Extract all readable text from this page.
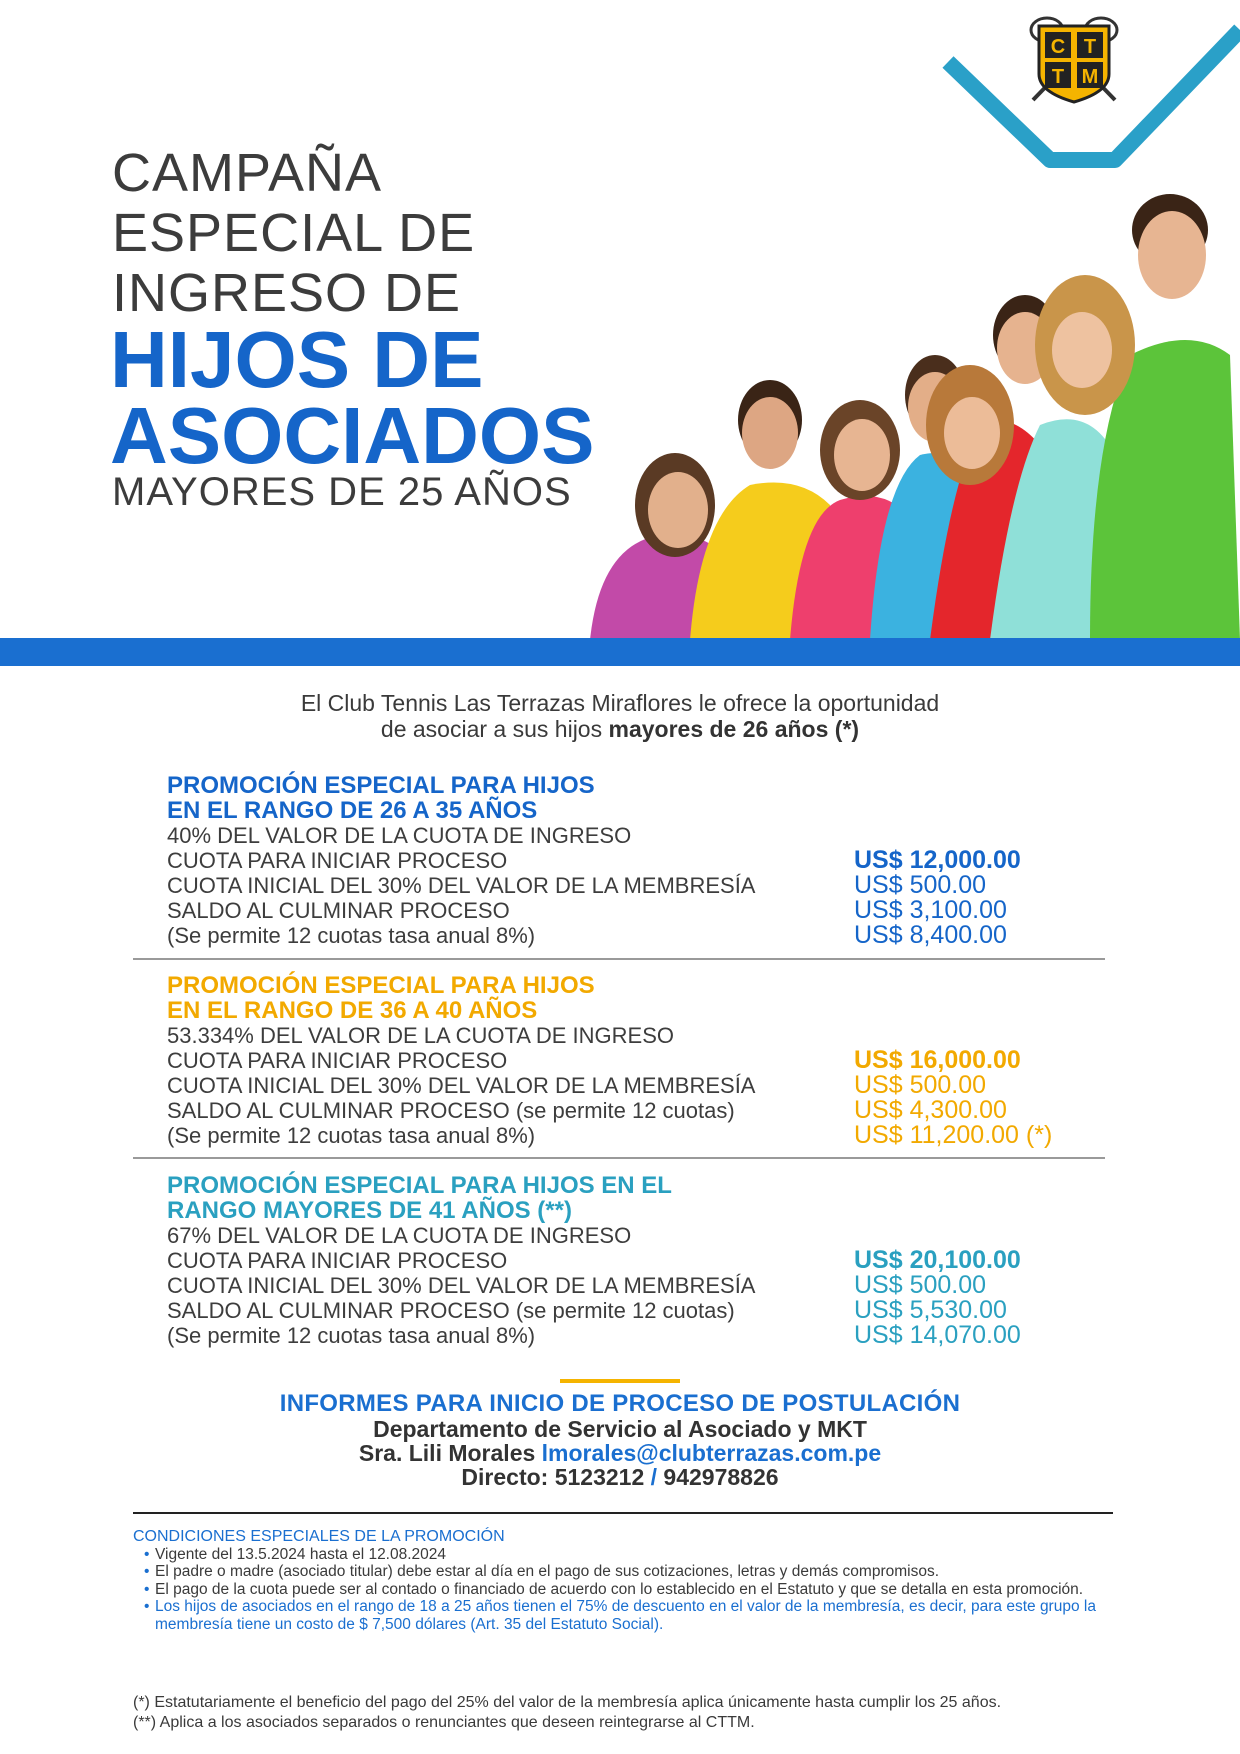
C T
T M
CAMPAÑA
ESPECIAL DE
INGRESO DE
HIJOS DE
ASOCIADOS
MAYORES DE 25 AÑOS
El Club Tennis Las Terrazas Miraflores le ofrece la oportunidad
de asociar a sus hijos mayores de 26 años (*)
PROMOCIÓN ESPECIAL PARA HIJOS
EN EL RANGO DE 26 A 35 AÑOS
40% DEL VALOR DE LA CUOTA DE INGRESO
CUOTA PARA INICIAR PROCESO
CUOTA INICIAL DEL 30% DEL VALOR DE LA MEMBRESÍA
SALDO AL CULMINAR PROCESO
(Se permite 12 cuotas tasa anual 8%)
US$ 12,000.00
US$ 500.00
US$ 3,100.00
US$ 8,400.00
PROMOCIÓN ESPECIAL PARA HIJOS
EN EL RANGO DE 36 A 40 AÑOS
53.334% DEL VALOR DE LA CUOTA DE INGRESO
CUOTA PARA INICIAR PROCESO
CUOTA INICIAL DEL 30% DEL VALOR DE LA MEMBRESÍA
SALDO AL CULMINAR PROCESO (se permite 12 cuotas)
(Se permite 12 cuotas tasa anual 8%)
US$ 16,000.00
US$ 500.00
US$ 4,300.00
US$ 11,200.00 (*)
PROMOCIÓN ESPECIAL PARA HIJOS EN EL
RANGO MAYORES DE 41 AÑOS (**)
67% DEL VALOR DE LA CUOTA DE INGRESO
CUOTA PARA INICIAR PROCESO
CUOTA INICIAL DEL 30% DEL VALOR DE LA MEMBRESÍA
SALDO AL CULMINAR PROCESO (se permite 12 cuotas)
(Se permite 12 cuotas tasa anual 8%)
US$ 20,100.00
US$ 500.00
US$ 5,530.00
US$ 14,070.00
INFORMES PARA INICIO DE PROCESO DE POSTULACIÓN
Departamento de Servicio al Asociado y MKT
Sra. Lili Morales lmorales@clubterrazas.com.pe
Directo: 5123212 / 942978826
CONDICIONES ESPECIALES DE LA PROMOCIÓN
• Vigente del 13.5.2024 hasta el 12.08.2024
• El padre o madre (asociado titular) debe estar al día en el pago de sus cotizaciones, letras y demás compromisos.
• El pago de la cuota puede ser al contado o financiado de acuerdo con lo establecido en el Estatuto y que se detalla en esta promoción.
• Los hijos de asociados en el rango de 18 a 25 años tienen el 75% de descuento en el valor de la membresía, es decir, para este grupo la membresía tiene un costo de $ 7,500 dólares (Art. 35 del Estatuto Social).
(*) Estatutariamente el beneficio del pago del 25% del valor de la membresía aplica únicamente hasta cumplir los 25 años.
(**) Aplica a los asociados separados o renunciantes que deseen reintegrarse al CTTM.
